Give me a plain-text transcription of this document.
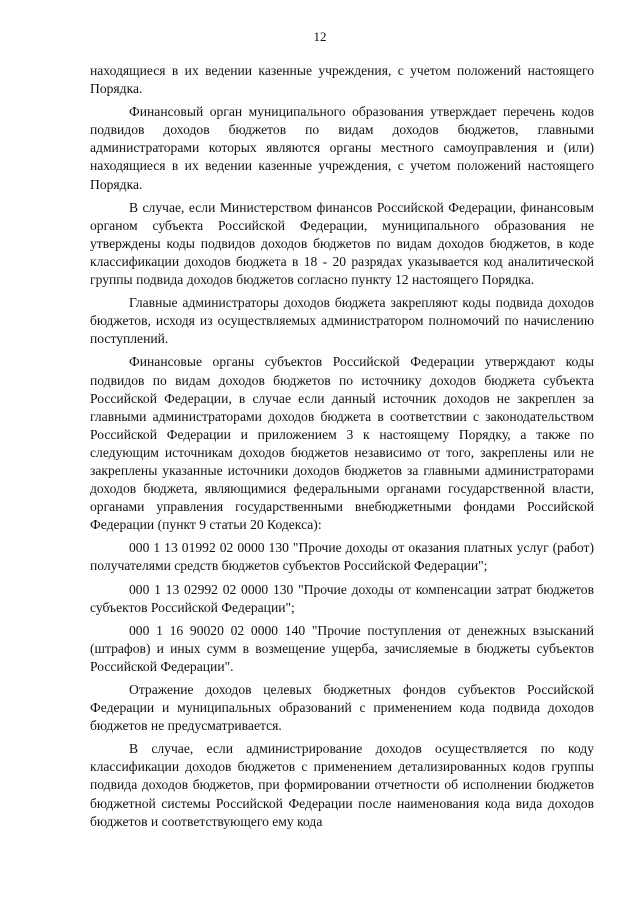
12

находящиеся в их ведении казенные учреждения, с учетом положений настоящего Порядка.

Финансовый орган муниципального образования утверждает перечень кодов подвидов доходов бюджетов по видам доходов бюджетов, главными администраторами которых являются органы местного самоуправления и (или) находящиеся в их ведении казенные учреждения, с учетом положений настоящего Порядка.

В случае, если Министерством финансов Российской Федерации, финансовым органом субъекта Российской Федерации, муниципального образования не утверждены коды подвидов доходов бюджетов по видам доходов бюджетов, в коде классификации доходов бюджета в 18 - 20 разрядах указывается код аналитической группы подвида доходов бюджетов согласно пункту 12 настоящего Порядка.

Главные администраторы доходов бюджета закрепляют коды подвида доходов бюджетов, исходя из осуществляемых администратором полномочий по начислению поступлений.

Финансовые органы субъектов Российской Федерации утверждают коды подвидов по видам доходов бюджетов по источнику доходов бюджета субъекта Российской Федерации, в случае если данный источник доходов не закреплен за главными администраторами доходов бюджета в соответствии с законодательством Российской Федерации и приложением 3 к настоящему Порядку, а также по следующим источникам доходов бюджетов независимо от того, закреплены или не закреплены указанные источники доходов бюджетов за главными администраторами доходов бюджета, являющимися федеральными органами государственной власти, органами управления государственными внебюджетными фондами Российской Федерации (пункт 9 статьи 20 Кодекса):

000 1 13 01992 02 0000 130 "Прочие доходы от оказания платных услуг (работ) получателями средств бюджетов субъектов Российской Федерации";

000 1 13 02992 02 0000 130 "Прочие доходы от компенсации затрат бюджетов субъектов Российской Федерации";

000 1 16 90020 02 0000 140 "Прочие поступления от денежных взысканий (штрафов) и иных сумм в возмещение ущерба, зачисляемые в бюджеты субъектов Российской Федерации".

Отражение доходов целевых бюджетных фондов субъектов Российской Федерации и муниципальных образований с применением кода подвида доходов бюджетов не предусматривается.

В случае, если администрирование доходов осуществляется по коду классификации доходов бюджетов с применением детализированных кодов группы подвида доходов бюджетов, при формировании отчетности об исполнении бюджетов бюджетной системы Российской Федерации после наименования кода вида доходов бюджетов и соответствующего ему кода
